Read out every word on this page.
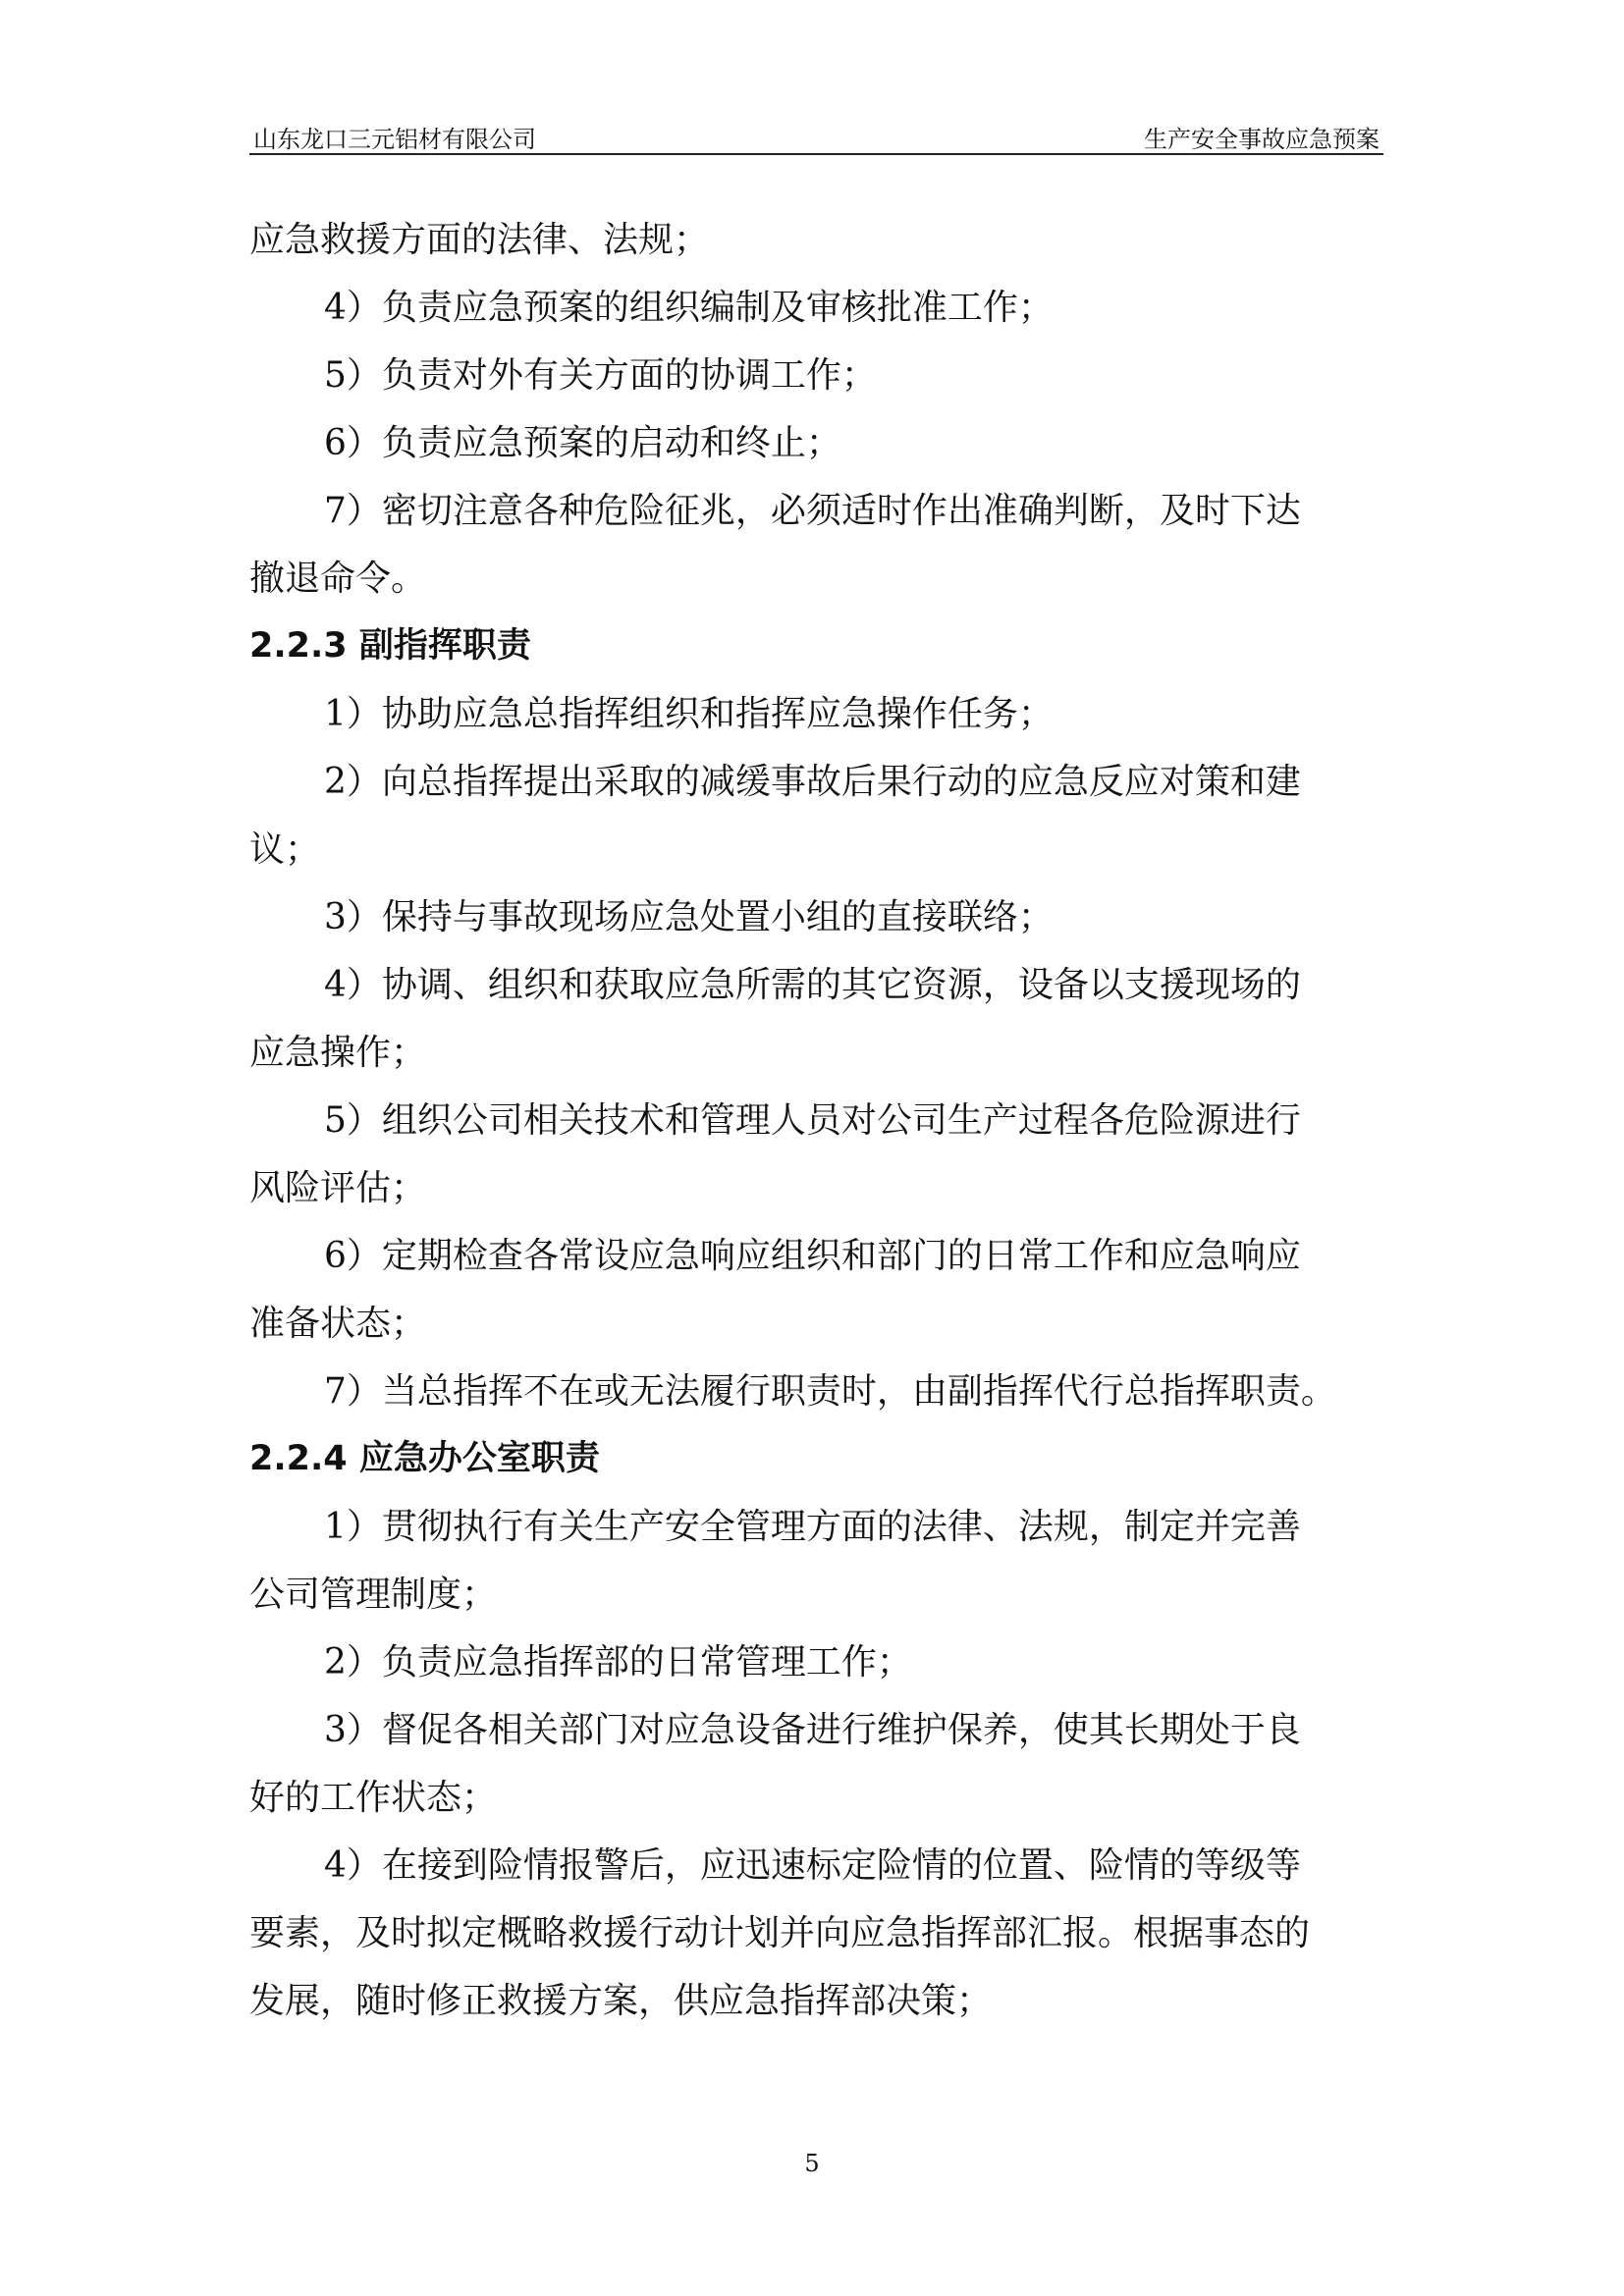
山东龙口三元铝材有限公司	生产安全事故应急预案
应急救援方面的法律、法规；
4）负责应急预案的组织编制及审核批准工作；
5）负责对外有关方面的协调工作；
6）负责应急预案的启动和终止；
7）密切注意各种危险征兆，必须适时作出准确判断，及时下达
撤退命令。
2.2.3 副指挥职责
1）协助应急总指挥组织和指挥应急操作任务；
2）向总指挥提出采取的减缓事故后果行动的应急反应对策和建
议；
3）保持与事故现场应急处置小组的直接联络；
4）协调、组织和获取应急所需的其它资源，设备以支援现场的
应急操作；
5）组织公司相关技术和管理人员对公司生产过程各危险源进行
风险评估；
6）定期检查各常设应急响应组织和部门的日常工作和应急响应
准备状态；
7）当总指挥不在或无法履行职责时，由副指挥代行总指挥职责。
2.2.4 应急办公室职责
1）贯彻执行有关生产安全管理方面的法律、法规，制定并完善
公司管理制度；
2）负责应急指挥部的日常管理工作；
3）督促各相关部门对应急设备进行维护保养，使其长期处于良
好的工作状态；
4）在接到险情报警后，应迅速标定险情的位置、险情的等级等
要素，及时拟定概略救援行动计划并向应急指挥部汇报。根据事态的
发展，随时修正救援方案，供应急指挥部决策；
5
